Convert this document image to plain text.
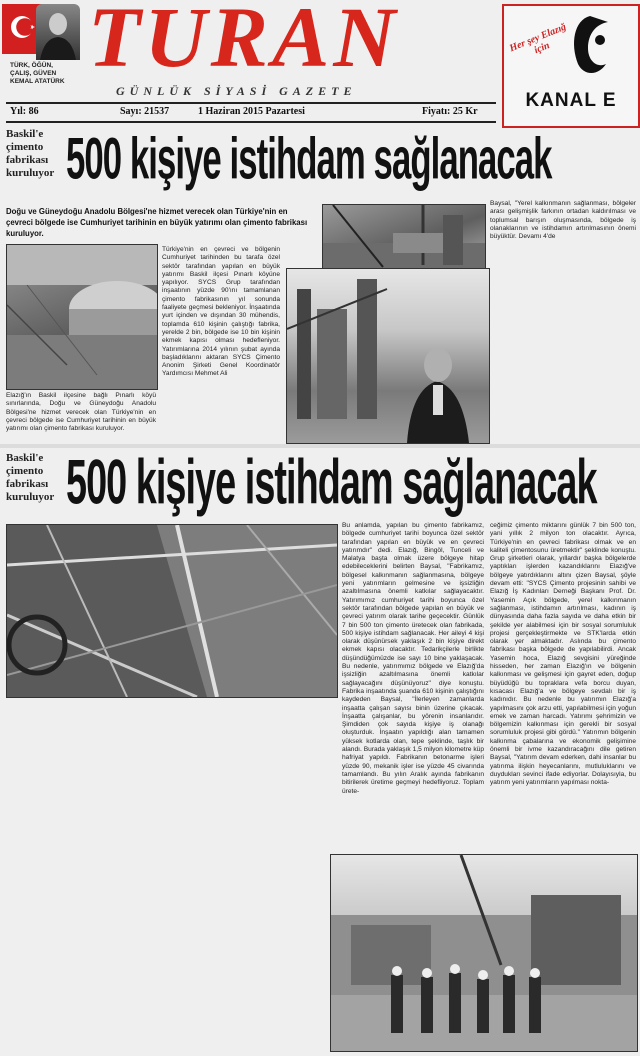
TÜRK, ÖĞÜN,
ÇALIŞ, GÜVEN
KEMAL ATATÜRK TURAN
GÜNLÜK SİYASİ GAZETE
Yıl: 86	Sayı: 21537	1 Haziran 2015 Pazartesi	Fiyatı: 25 Kr
Her şey Elazığ için
KANAL E
Baskil'e
çimento
fabrikası
kuruluyor 500 kişiye istihdam sağlanacak
Doğu ve Güneydoğu Anadolu Bölgesi'ne hizmet verecek olan Türkiye'nin en çevreci bölgede ise Cumhuriyet tarihinin en büyük yatırımı olan çimento fabrikası kuruluyor.
Baysal, "Yerel kalkınmanın sağlanması, bölgeler arası gelişmişlik farkının ortadan kaldırılması ve toplumsal barışın oluşmasında, bölgede iş olanaklarının ve istihdamın artırılmasının önemi büyüktür. Devamı 4'de
Türkiye'nin en çevreci ve bölgenin Cumhuriyet tarihinden bu tarafa özel sektör tarafından yapılan en büyük yatırımı Baskil ilçesi Pınarlı köyüne yapılıyor. SYCS Grup tarafından inşaatının yüzde 90'ını tamamlanan çimento fabrikasının yıl sonunda faaliyete geçmesi bekleniyor. İnşaatında yurt içinden ve dışından 30 mühendis, toplamda 610 kişinin çalıştığı fabrika, yerelde 2 bin, bölgede ise 10 bin kişinin ekmek kapısı olması hedefleniyor. Yatırımlarına 2014 yılının şubat ayında başladıklarını aktaran SYCS Çimento Anonim Şirketi Genel Koordinatör Yardımcısı Mehmet Ali
Elazığ'ın Baskil ilçesine bağlı Pınarlı köyü sınırlarında, Doğu ve Güneydoğu Anadolu Bölgesi'ne hizmet verecek olan Türkiye'nin en çevreci bölgede ise Cumhuriyet tarihinin en büyük yatırımı olan çimento fabrikası kuruluyor.
Baskil'e
çimento
fabrikası
kuruluyor 500 kişiye istihdam sağlanacak
Bu anlamda, yapılan bu çimento fabrikamız, bölgede cumhuriyet tarihi boyunca özel sektör tarafından yapılan en büyük ve en çevreci yatırımdır" dedi. Elazığ, Bingöl, Tunceli ve Malatya başta olmak üzere bölgeye hitap edebileceklerini belirten Baysal, "Fabrikamız, bölgesel kalkınmanın sağlanmasına, bölgeye yeni yatırımların gelmesine ve işsizliğin azaltılmasına önemli katkılar sağlayacaktır. Yatırımımız cumhuriyet tarihi boyunca özel sektör tarafından bölgede yapılan en büyük ve çevreci yatırım olarak tarihe geçecektir. Günlük 7 bin 500 ton çimento üretecek olan fabrikada, 500 kişiye istihdam sağlanacak. Her aileyi 4 kişi olarak düşünürsek yaklaşık 2 bin kişiye direkt ekmek kapısı olacaktır. Tedarikçilerle birlikte düşündüğümüzde ise sayı 10 bine yaklaşacak. Bu nedenle, yatırımımız bölgede ve Elazığ'da işsizliğin azaltılmasına önemli katkılar sağlayacağını düşünüyoruz" diye konuştu. Fabrika inşaatında şuanda 610 kişinin çalıştığını kaydeden Baysal, "İlerleyen zamanlarda inşaatta çalışan sayısı binin üzerine çıkacak. İnşaatta çalışanlar, bu yörenin insanlarıdır. Şimdiden çok sayıda kişiye iş olanağı oluşturduk. İnşaatın yapıldığı alan tamamen yüksek kotlarda olan, tepe şeklinde, taşlık bir alandı. Burada yaklaşık 1,5 milyon kilometre küp hafriyat yapıldı. Fabrikanın betonarme işleri yüzde 90, mekanik işler ise yüzde 45 civarında tamamlandı. Bu yılın Aralık ayında fabrikanın bitirilerek üretime geçmeyi hedefliyoruz. Toplam ürete-
ceğimiz çimento miktarını günlük 7 bin 500 ton, yani yıllık 2 milyon ton olacaktır. Ayrıca, Türkiye'nin en çevreci fabrikası olmak ve en kaliteli çimentosunu üretmektir" şeklinde konuştu. Grup şirketleri olarak, yıllardır başka bölgelerde yaptıkları işlerden kazandıklarını Elazığ've bölgeye yatırdıklarını altını çizen Baysal, şöyle devam etti: "SYCS Çimento projesinin sahibi ve Elazığ İş Kadınları Derneği Başkanı Prof. Dr. Yasemin Açık bölgede, yerel kalkınmanın sağlanması, istihdamın artırılması, kadının iş dünyasında daha fazla sayıda ve daha etkin bir şekilde yer alabilmesi için bir sosyal sorumluluk projesi gerçekleştirmekte ve STK'larda etkin olarak yer almaktadır. Aslında bu çimento fabrikası başka bölgede de yapılabilirdi. Ancak Yasemin hoca, Elazığ sevgisini yüreğinde hisseden, her zaman Elazığ'ın ve bölgenin kalkınması ve gelişmesi için gayret eden, doğup büyüdüğü bu topraklara vefa borcu duyan, kısacası Elazığ'a ve bölgeye sevdalı bir iş kadınıdır. Bu nedenle bu yatırımın Elazığ'a yapılmasını çok arzu etti, yapılabilmesi için yoğun emek ve zaman harcadı. Yatırımı şehrimizin ve bölgemizin kalkınması için gerekli bir sosyal sorumluluk projesi gibi gördü." Yatırımın bölgenin kalkınma çabalarına ve ekonomik gelişimine önemli bir ivme kazandıracağını dile getiren Baysal, "Yatırım devam ederken, dahi insanlar bu yatırıma ilişkin heyecanlarını, mutluluklarını ve duydukları sevinci ifade ediyorlar. Dolayısıyla, bu yatırım yeni yatırımların yapılması nokta-
